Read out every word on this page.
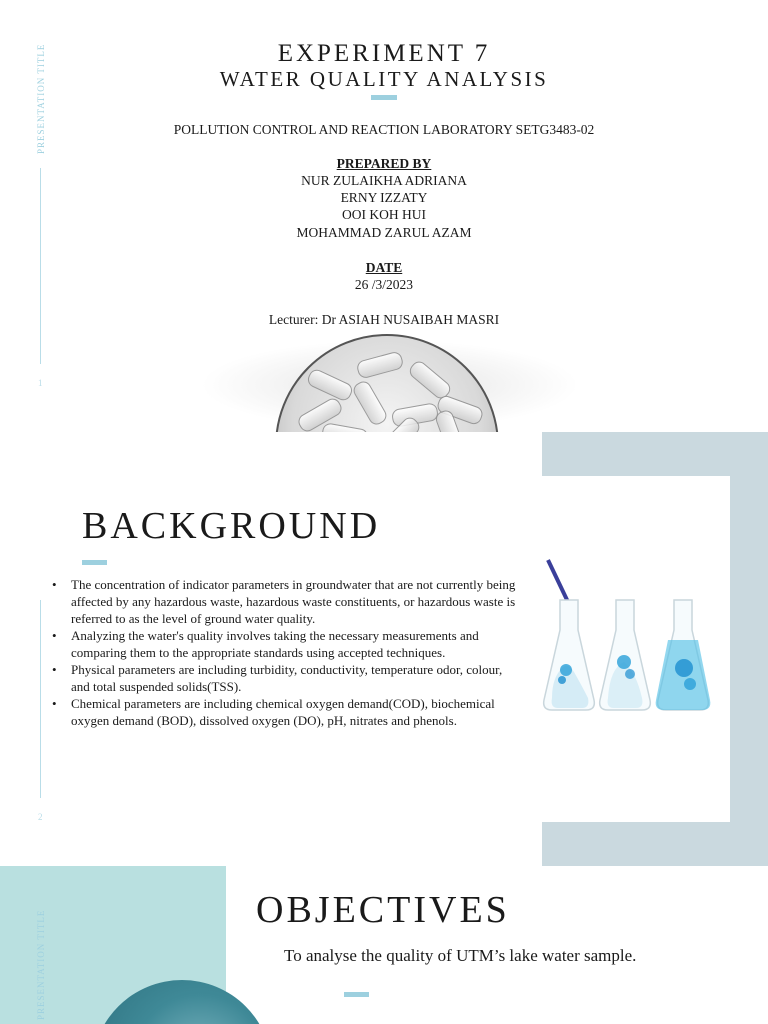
PRESENTATION TITLE
1
EXPERIMENT 7
WATER QUALITY ANALYSIS
POLLUTION CONTROL AND REACTION LABORATORY SETG3483-02
PREPARED BY
NUR ZULAIKHA ADRIANA
ERNY IZZATY
OOI KOH HUI
MOHAMMAD ZARUL AZAM
DATE
26 /3/2023
Lecturer: Dr ASIAH NUSAIBAH MASRI
2
BACKGROUND
• The concentration of indicator parameters in groundwater that are not currently being affected by any hazardous waste, hazardous waste constituents, or hazardous waste is referred to as the level of ground water quality.
• Analyzing the water's quality involves taking the necessary measurements and comparing them to the appropriate standards using accepted techniques.
• Physical parameters are including turbidity, conductivity, temperature odor, colour, and total suspended solids(TSS).
• Chemical parameters are including chemical oxygen demand(COD), biochemical oxygen demand (BOD), dissolved oxygen (DO), pH, nitrates and phenols.
PRESENTATION TITLE	OBJECTIVES
To analyse the quality of UTM’s lake water sample.
